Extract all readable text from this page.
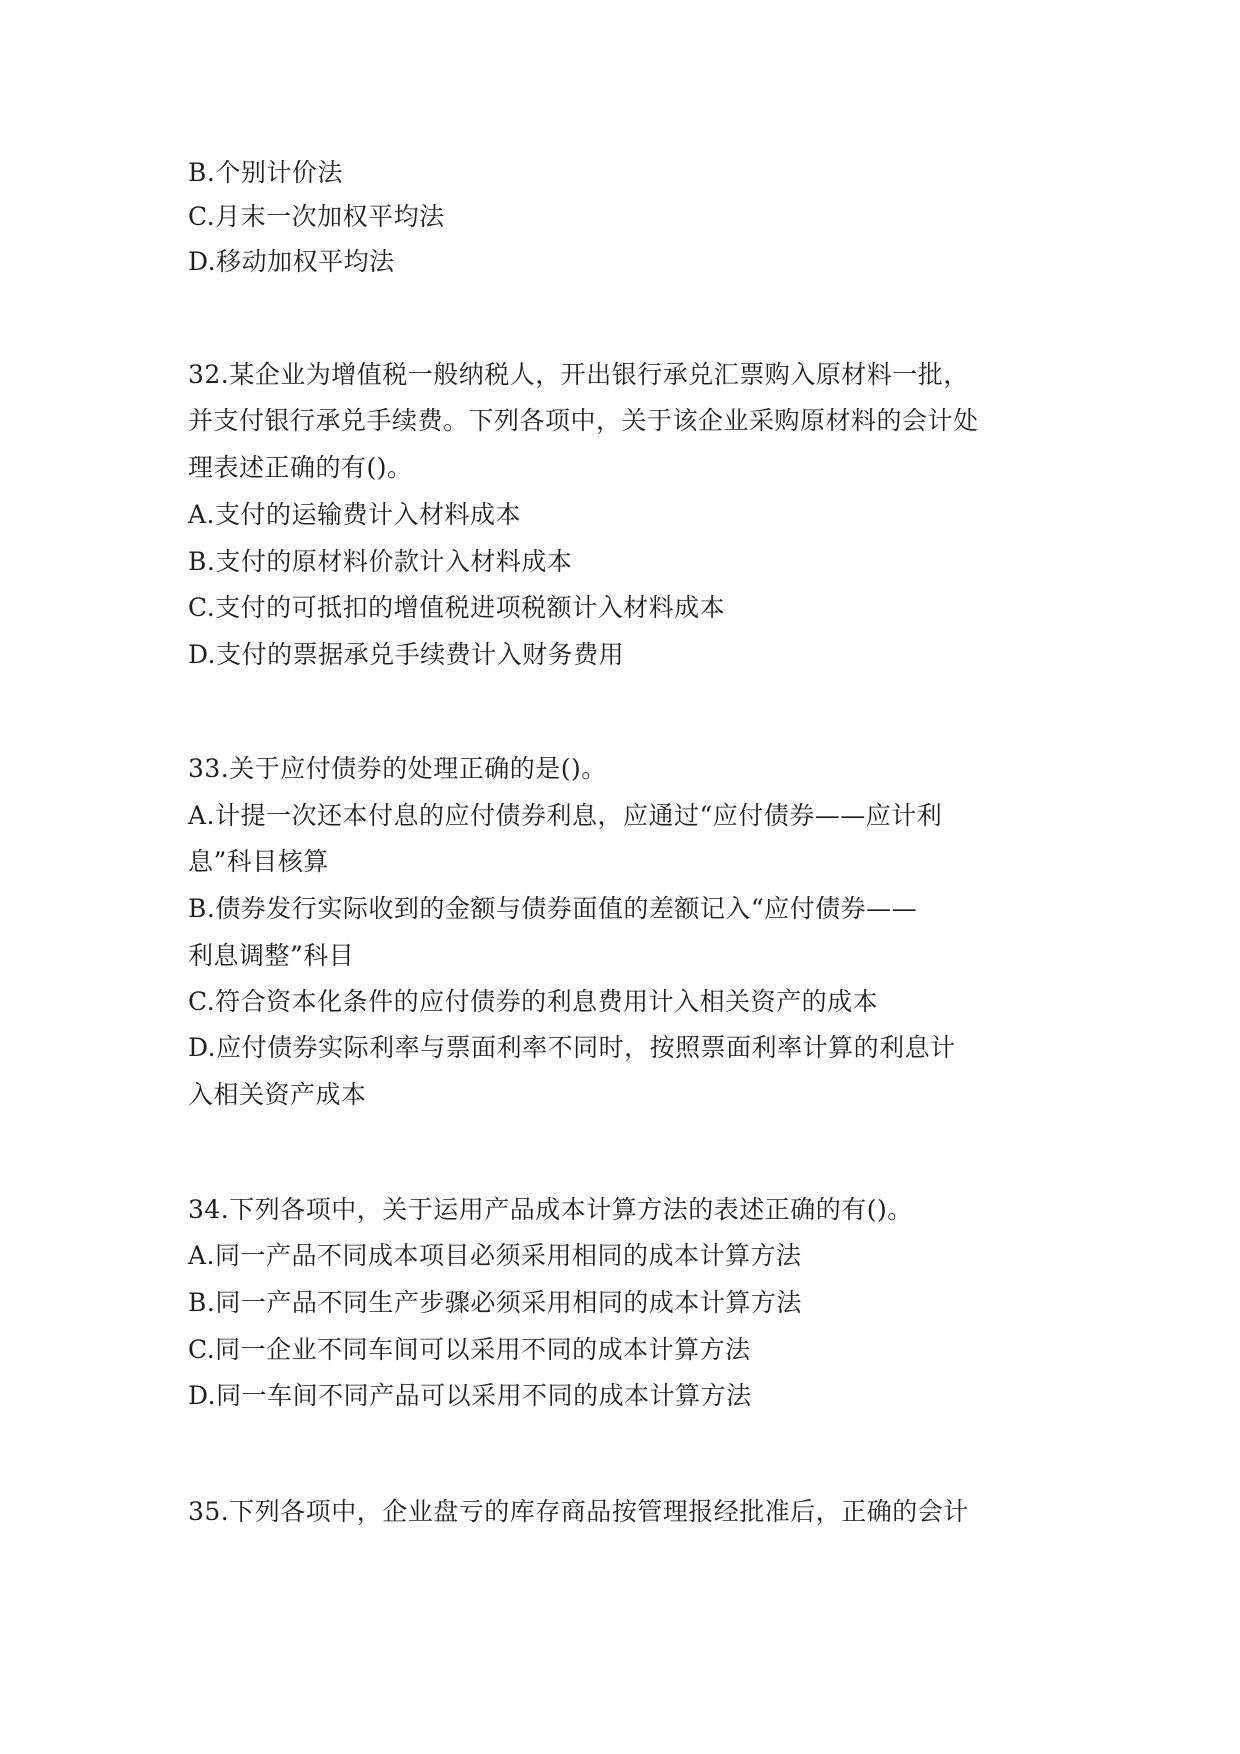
B.个别计价法
C.月末一次加权平均法
D.移动加权平均法
32.某企业为增值税一般纳税人，开出银行承兑汇票购入原材料一批，
并支付银行承兑手续费。下列各项中，关于该企业采购原材料的会计处
理表述正确的有()。
A.支付的运输费计入材料成本
B.支付的原材料价款计入材料成本
C.支付的可抵扣的增值税进项税额计入材料成本
D.支付的票据承兑手续费计入财务费用
33.关于应付债券的处理正确的是()。
A.计提一次还本付息的应付债券利息，应通过“应付债券——应计利
息”科目核算
B.债券发行实际收到的金额与债券面值的差额记入“应付债券——
利息调整”科目
C.符合资本化条件的应付债券的利息费用计入相关资产的成本
D.应付债券实际利率与票面利率不同时，按照票面利率计算的利息计
入相关资产成本
34.下列各项中，关于运用产品成本计算方法的表述正确的有()。
A.同一产品不同成本项目必须采用相同的成本计算方法
B.同一产品不同生产步骤必须采用相同的成本计算方法
C.同一企业不同车间可以采用不同的成本计算方法
D.同一车间不同产品可以采用不同的成本计算方法
35.下列各项中，企业盘亏的库存商品按管理报经批准后，正确的会计
